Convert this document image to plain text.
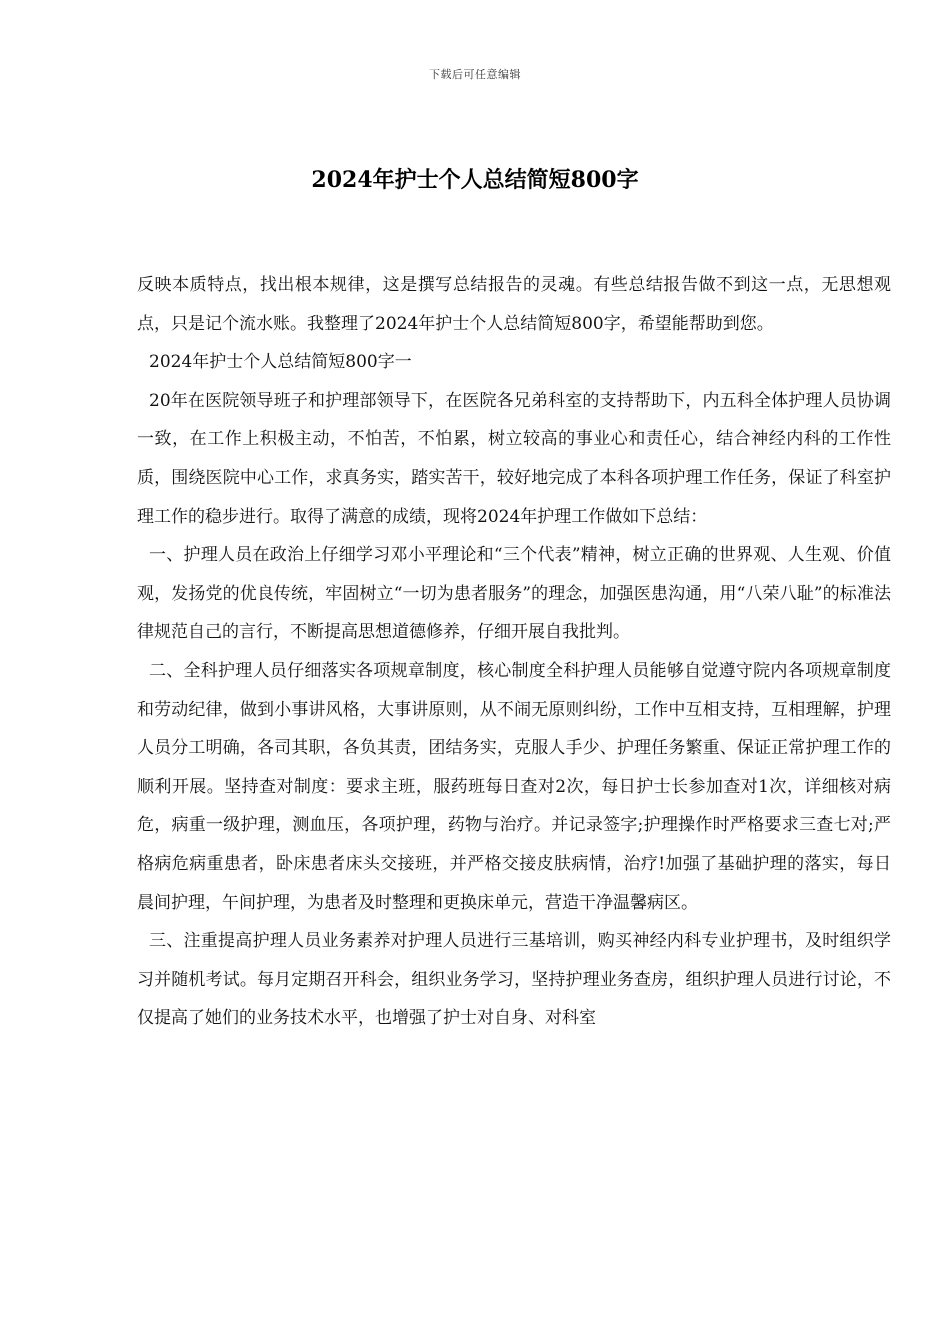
下载后可任意编辑
2024年护士个人总结简短800字

反映本质特点，找出根本规律，这是撰写总结报告的灵魂。有些总结报告做不到这一点，无思想观点，只是记个流水账。我整理了2024年护士个人总结简短800字，希望能帮助到您。

2024年护士个人总结简短800字一

20年在医院领导班子和护理部领导下，在医院各兄弟科室的支持帮助下，内五科全体护理人员协调一致，在工作上积极主动，不怕苦，不怕累，树立较高的事业心和责任心，结合神经内科的工作性质，围绕医院中心工作，求真务实，踏实苦干，较好地完成了本科各项护理工作任务，保证了科室护理工作的稳步进行。取得了满意的成绩，现将2024年护理工作做如下总结：

一、护理人员在政治上仔细学习邓小平理论和“三个代表”精神，树立正确的世界观、人生观、价值观，发扬党的优良传统，牢固树立“一切为患者服务”的理念，加强医患沟通，用“八荣八耻”的标准法律规范自己的言行，不断提高思想道德修养，仔细开展自我批判。

二、全科护理人员仔细落实各项规章制度，核心制度全科护理人员能够自觉遵守院内各项规章制度和劳动纪律，做到小事讲风格，大事讲原则，从不闹无原则纠纷，工作中互相支持，互相理解，护理人员分工明确，各司其职，各负其责，团结务实，克服人手少、护理任务繁重、保证正常护理工作的顺利开展。坚持查对制度：要求主班，服药班每日查对2次，每日护士长参加查对1次，详细核对病危，病重一级护理，测血压，各项护理，药物与治疗。并记录签字;护理操作时严格要求三查七对;严格病危病重患者，卧床患者床头交接班，并严格交接皮肤病情，治疗!加强了基础护理的落实，每日晨间护理，午间护理，为患者及时整理和更换床单元，营造干净温馨病区。

三、注重提高护理人员业务素养对护理人员进行三基培训，购买神经内科专业护理书，及时组织学习并随机考试。每月定期召开科会，组织业务学习，坚持护理业务查房，组织护理人员进行讨论，不仅提高了她们的业务技术水平，也增强了护士对自身、对科室
